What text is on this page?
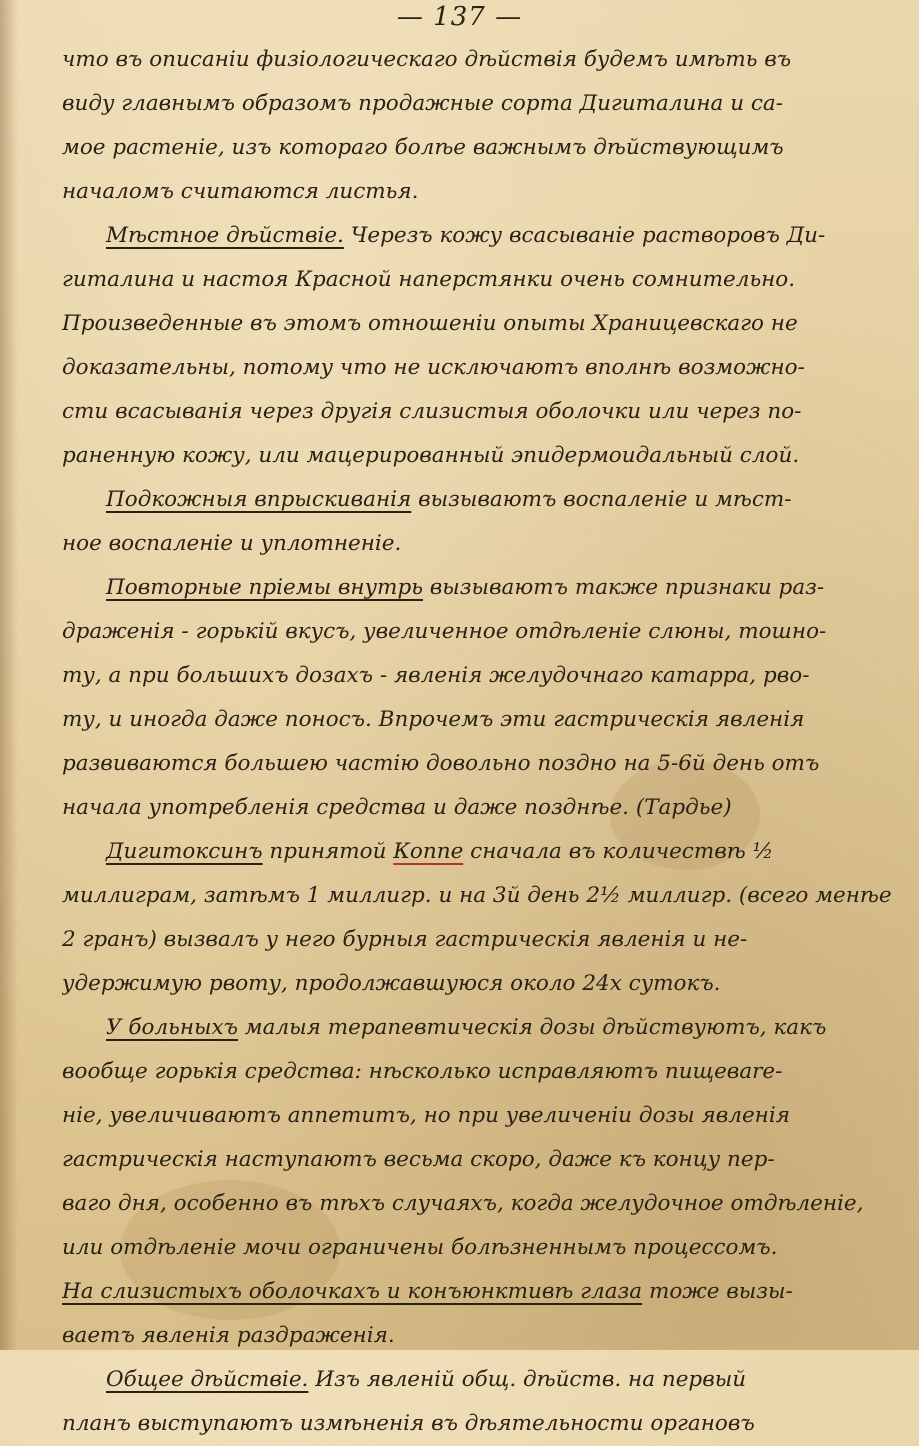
— 137 —
что въ описаніи физіологическаго дѣйствія будемъ имѣть въ
виду главнымъ образомъ продажные сорта Дигиталина и са-
мое растеніе, изъ котораго болѣе важнымъ дѣйствующимъ
началомъ считаются листья.
Мѣстное дѣйствіе. Черезъ кожу всасываніе растворовъ Ди-
гиталина и настоя Красной наперстянки очень сомнительно.
Произведенные въ этомъ отношеніи опыты Храницевскаго не
доказательны, потому что не исключаютъ вполнѣ возможно-
сти всасыванія через другія слизистыя оболочки или через по-
раненную кожу, или мацерированный эпидермоидальный слой.
Подкожныя впрыскиванія вызываютъ воспаленіе и мѣст-
ное воспаленіе и уплотненіе.
Повторные пріемы внутрь вызываютъ также признаки раз-
драженія - горькій вкусъ, увеличенное отдѣленіе слюны, тошно-
ту, а при большихъ дозахъ - явленія желудочнаго катарра, рво-
ту, и иногда даже поносъ. Впрочемъ эти гастрическія явленія
развиваются большею частію довольно поздно на 5-6й день отъ
начала употребленія средства и даже позднѣе. (Тардье)
Дигитоксинъ принятой Кoппе сначала въ количествѣ ½
миллиграм, затѣмъ 1 миллигр. и на 3й день 2½ миллигр. (всего менѣе
2 гранъ) вызвалъ у него бурныя гастрическія явленія и не-
удержимую рвоту, продолжавшуюся около 24х сутокъ.
У больныхъ малыя терапевтическія дозы дѣйствуютъ, какъ
вообще горькія средства: нѣсколько исправляютъ пищевare-
ніе, увеличиваютъ аппетитъ, но при увеличеніи дозы явленія
гастрическія наступаютъ весьма скоро, даже къ концу пер-
ваго дня, особенно въ тѣхъ случаяхъ, когда желудочное отдѣленіе,
или отдѣленіе мочи ограничены болѣзненнымъ процессомъ.
На слизистыхъ оболочкахъ и конъюнктивѣ глаза тоже вызы-
ваетъ явленія раздраженія.
Общее дѣйствіе. Изъ явленій общ. дѣйств. на первый
планъ выступаютъ измѣненія въ дѣятельности органовъ
